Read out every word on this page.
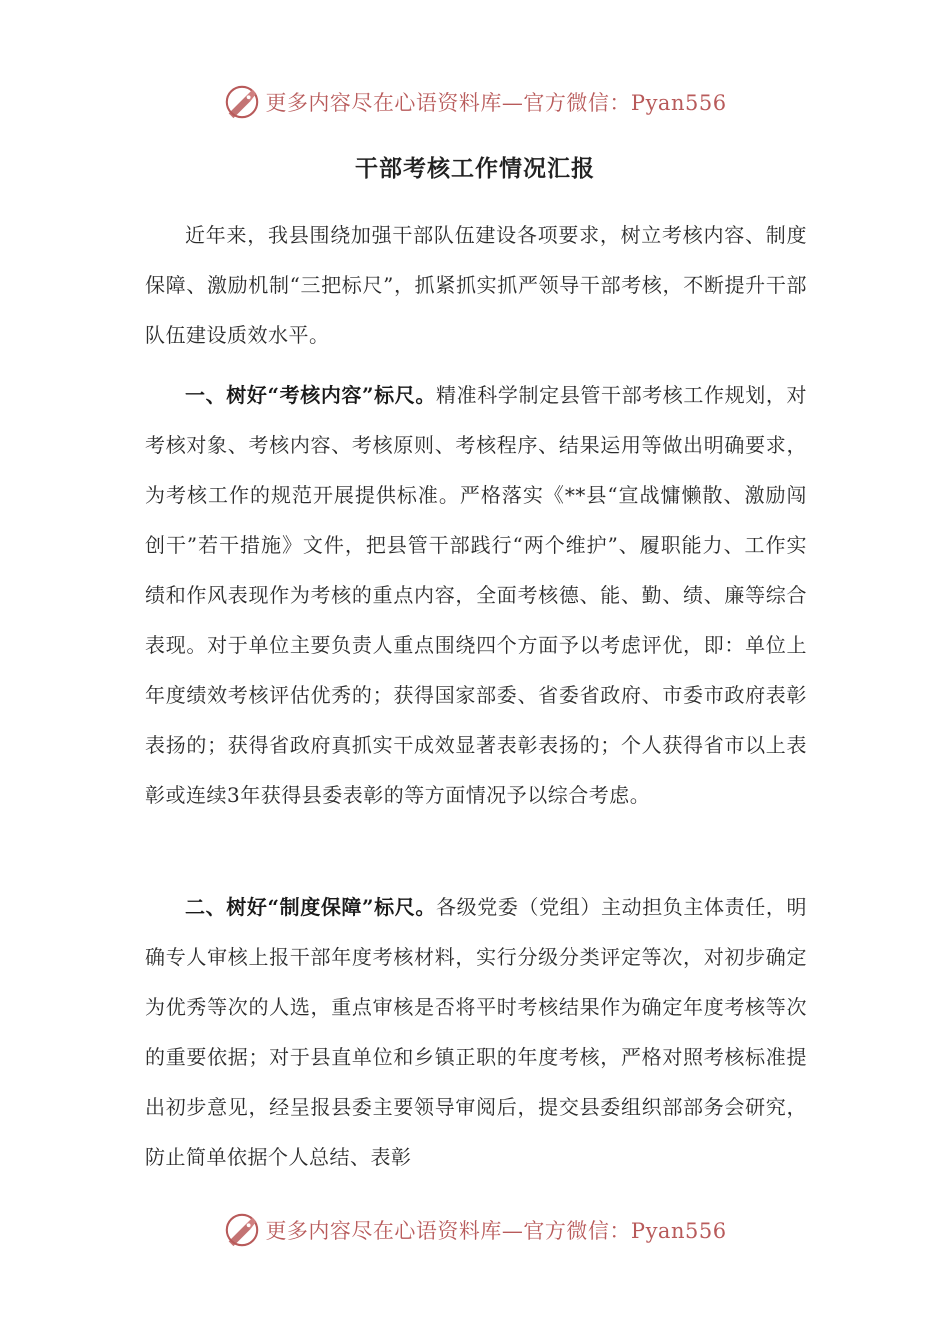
更多内容尽在心语资料库—官方微信：Pyan556
干部考核工作情况汇报

近年来，我县围绕加强干部队伍建设各项要求，树立考核内容、制度保障、激励机制“三把标尺”，抓紧抓实抓严领导干部考核，不断提升干部队伍建设质效水平。

一、树好“考核内容”标尺。精准科学制定县管干部考核工作规划，对考核对象、考核内容、考核原则、考核程序、结果运用等做出明确要求，为考核工作的规范开展提供标准。严格落实《**县“宣战慵懒散、激励闯创干”若干措施》文件，把县管干部践行“两个维护”、履职能力、工作实绩和作风表现作为考核的重点内容，全面考核德、能、勤、绩、廉等综合表现。对于单位主要负责人重点围绕四个方面予以考虑评优，即：单位上年度绩效考核评估优秀的；获得国家部委、省委省政府、市委市政府表彰表扬的；获得省政府真抓实干成效显著表彰表扬的；个人获得省市以上表彰或连续3年获得县委表彰的等方面情况予以综合考虑。

二、树好“制度保障”标尺。各级党委（党组）主动担负主体责任，明确专人审核上报干部年度考核材料，实行分级分类评定等次，对初步确定为优秀等次的人选，重点审核是否将平时考核结果作为确定年度考核等次的重要依据；对于县直单位和乡镇正职的年度考核，严格对照考核标准提出初步意见，经呈报县委主要领导审阅后，提交县委组织部部务会研究，防止简单依据个人总结、表彰

更多内容尽在心语资料库—官方微信：Pyan556
